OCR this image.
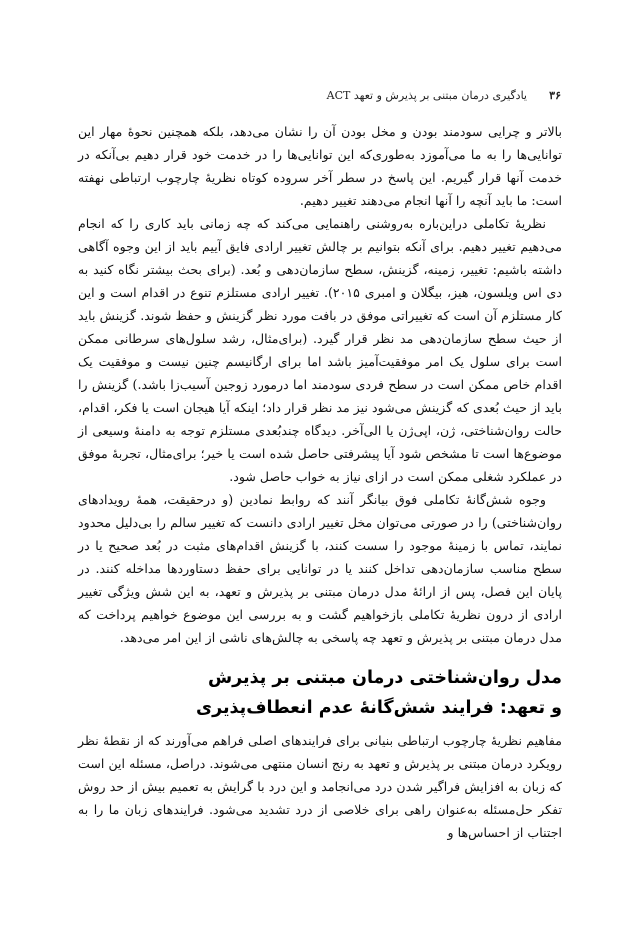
۳۶
یادگیری درمان مبتنی بر پذیرش و تعهد ACT

بالاتر و چرایی سودمند بودن و مخل بودن آن را نشان می‌دهد، بلکه همچنین نحوهٔ مهار این توانایی‌ها را به ما می‌آموزد به‌طوری‌که این توانایی‌ها را در خدمت خود قرار دهیم بی‌آنکه در خدمت آنها قرار گیریم. این پاسخ در سطر آخر سروده کوتاه نظریهٔ چارچوب ارتباطی نهفته است: ما باید آنچه را آنها انجام می‌دهند تغییر دهیم.

نظریهٔ تکاملی دراین‌باره به‌روشنی راهنمایی می‌کند که چه زمانی باید کاری را که انجام می‌دهیم تغییر دهیم. برای آنکه بتوانیم بر چالش تغییر ارادی فایق آییم باید از این وجوه آگاهی داشته باشیم: تغییر، زمینه، گزینش، سطح سازمان‌دهی و بُعد. (برای بحث بیشتر نگاه کنید به دی اس ویلسون، هیز، بیگلان و امبری ۲۰۱۵). تغییر ارادی مستلزم تنوع در اقدام است و این کار مستلزم آن است که تغییراتی موفق در بافت مورد نظر گزینش و حفظ شوند. گزینش باید از حیث سطح سازمان‌دهی مد نظر قرار گیرد. (برای‌مثال، رشد سلول‌های سرطانی ممکن است برای سلول یک امر موفقیت‌آمیز باشد اما برای ارگانیسم چنین نیست و موفقیت یک اقدام خاص ممکن است در سطح فردی سودمند اما درمورد زوجین آسیب‌زا باشد.) گزینش را باید از حیث بُعدی که گزینش می‌شود نیز مد نظر قرار داد؛ اینکه آیا هیجان است یا فکر، اقدام، حالت روان‌شناختی، ژن، اپی‌ژن یا الی‌آخر. دیدگاه چندبُعدی مستلزم توجه به دامنهٔ وسیعی از موضوع‌ها است تا مشخص شود آیا پیشرفتی حاصل شده است یا خیر؛ برای‌مثال، تجربهٔ موفق در عملکرد شغلی ممکن است در ازای نیاز به خواب حاصل شود.

وجوه شش‌گانهٔ تکاملی فوق بیانگر آنند که روابط نمادین (و درحقیقت، همهٔ رویدادهای روان‌شناختی) را در صورتی می‌توان مخل تغییر ارادی دانست که تغییر سالم را بی‌دلیل محدود نمایند، تماس با زمینهٔ موجود را سست کنند، با گزینش اقدام‌های مثبت در بُعد صحیح یا در سطح مناسب سازمان‌دهی تداخل کنند یا در توانایی برای حفظ دستاوردها مداخله کنند. در پایان این فصل، پس از ارائهٔ مدل درمان مبتنی بر پذیرش و تعهد، به این شش ویژگی تغییر ارادی از درون نظریهٔ تکاملی بازخواهیم گشت و به بررسی این موضوع خواهیم پرداخت که مدل درمان مبتنی بر پذیرش و تعهد چه پاسخی به چالش‌های ناشی از این امر می‌دهد.

مدل روان‌شناختی درمان مبتنی بر پذیرش
و تعهد: فرایند شش‌گانهٔ عدم انعطاف‌پذیری

مفاهیم نظریهٔ چارچوب ارتباطی بنیانی برای فرایندهای اصلی فراهم می‌آورند که از نقطهٔ نظر رویکرد درمان مبتنی بر پذیرش و تعهد به رنج انسان منتهی می‌شوند. دراصل، مسئله این است که زبان به افزایش فراگیر شدن درد می‌انجامد و این درد با گرایش به تعمیم بیش از حد روش تفکر حل‌مسئله به‌عنوان راهی برای خلاصی از درد تشدید می‌شود. فرایندهای زبان ما را به اجتناب از احساس‌ها و
